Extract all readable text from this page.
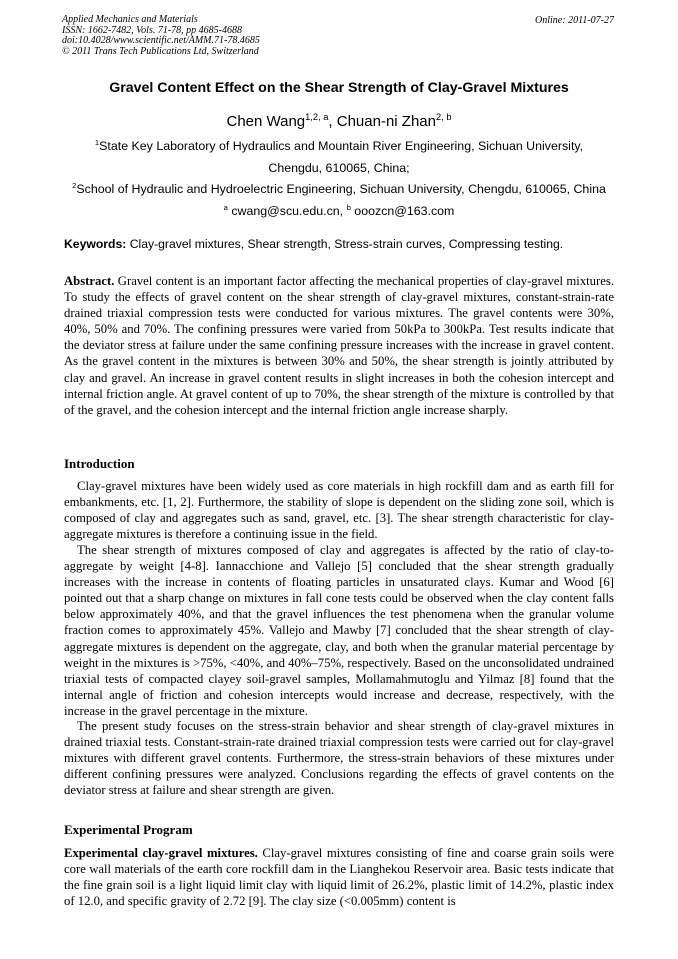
Applied Mechanics and Materials
ISSN: 1662-7482, Vols. 71-78, pp 4685-4688
doi:10.4028/www.scientific.net/AMM.71-78.4685
© 2011 Trans Tech Publications Ltd, Switzerland
Online: 2011-07-27
Gravel Content Effect on the Shear Strength of Clay-Gravel Mixtures
Chen Wang$^{1,2, a}$, Chuan-ni Zhan$^{2, b}$
$^1$State Key Laboratory of Hydraulics and Mountain River Engineering, Sichuan University,
Chengdu, 610065, China;
$^2$School of Hydraulic and Hydroelectric Engineering, Sichuan University, Chengdu, 610065, China
$^a$ cwang@scu.edu.cn, $^b$ ooozcn@163.com
Keywords: Clay-gravel mixtures, Shear strength, Stress-strain curves, Compressing testing.
Abstract. Gravel content is an important factor affecting the mechanical properties of clay-gravel mixtures. To study the effects of gravel content on the shear strength of clay-gravel mixtures, constant-strain-rate drained triaxial compression tests were conducted for various mixtures. The gravel contents were 30%, 40%, 50% and 70%. The confining pressures were varied from 50kPa to 300kPa. Test results indicate that the deviator stress at failure under the same confining pressure increases with the increase in gravel content. As the gravel content in the mixtures is between 30% and 50%, the shear strength is jointly attributed by clay and gravel. An increase in gravel content results in slight increases in both the cohesion intercept and internal friction angle. At gravel content of up to 70%, the shear strength of the mixture is controlled by that of the gravel, and the cohesion intercept and the internal friction angle increase sharply.
Introduction
Clay-gravel mixtures have been widely used as core materials in high rockfill dam and as earth fill for embankments, etc. [1, 2]. Furthermore, the stability of slope is dependent on the sliding zone soil, which is composed of clay and aggregates such as sand, gravel, etc. [3]. The shear strength characteristic for clay-aggregate mixtures is therefore a continuing issue in the field.
The shear strength of mixtures composed of clay and aggregates is affected by the ratio of clay-to-aggregate by weight [4-8]. Iannacchione and Vallejo [5] concluded that the shear strength gradually increases with the increase in contents of floating particles in unsaturated clays. Kumar and Wood [6] pointed out that a sharp change on mixtures in fall cone tests could be observed when the clay content falls below approximately 40%, and that the gravel influences the test phenomena when the granular volume fraction comes to approximately 45%. Vallejo and Mawby [7] concluded that the shear strength of clay-aggregate mixtures is dependent on the aggregate, clay, and both when the granular material percentage by weight in the mixtures is >75%, <40%, and 40%–75%, respectively. Based on the unconsolidated undrained triaxial tests of compacted clayey soil-gravel samples, Mollamahmutoglu and Yilmaz [8] found that the internal angle of friction and cohesion intercepts would increase and decrease, respectively, with the increase in the gravel percentage in the mixture.
The present study focuses on the stress-strain behavior and shear strength of clay-gravel mixtures in drained triaxial tests. Constant-strain-rate drained triaxial compression tests were carried out for clay-gravel mixtures with different gravel contents. Furthermore, the stress-strain behaviors of these mixtures under different confining pressures were analyzed. Conclusions regarding the effects of gravel contents on the deviator stress at failure and shear strength are given.
Experimental Program
Experimental clay-gravel mixtures. Clay-gravel mixtures consisting of fine and coarse grain soils were core wall materials of the earth core rockfill dam in the Lianghekou Reservoir area. Basic tests indicate that the fine grain soil is a light liquid limit clay with liquid limit of 26.2%, plastic limit of 14.2%, plastic index of 12.0, and specific gravity of 2.72 [9]. The clay size (<0.005mm) content is
